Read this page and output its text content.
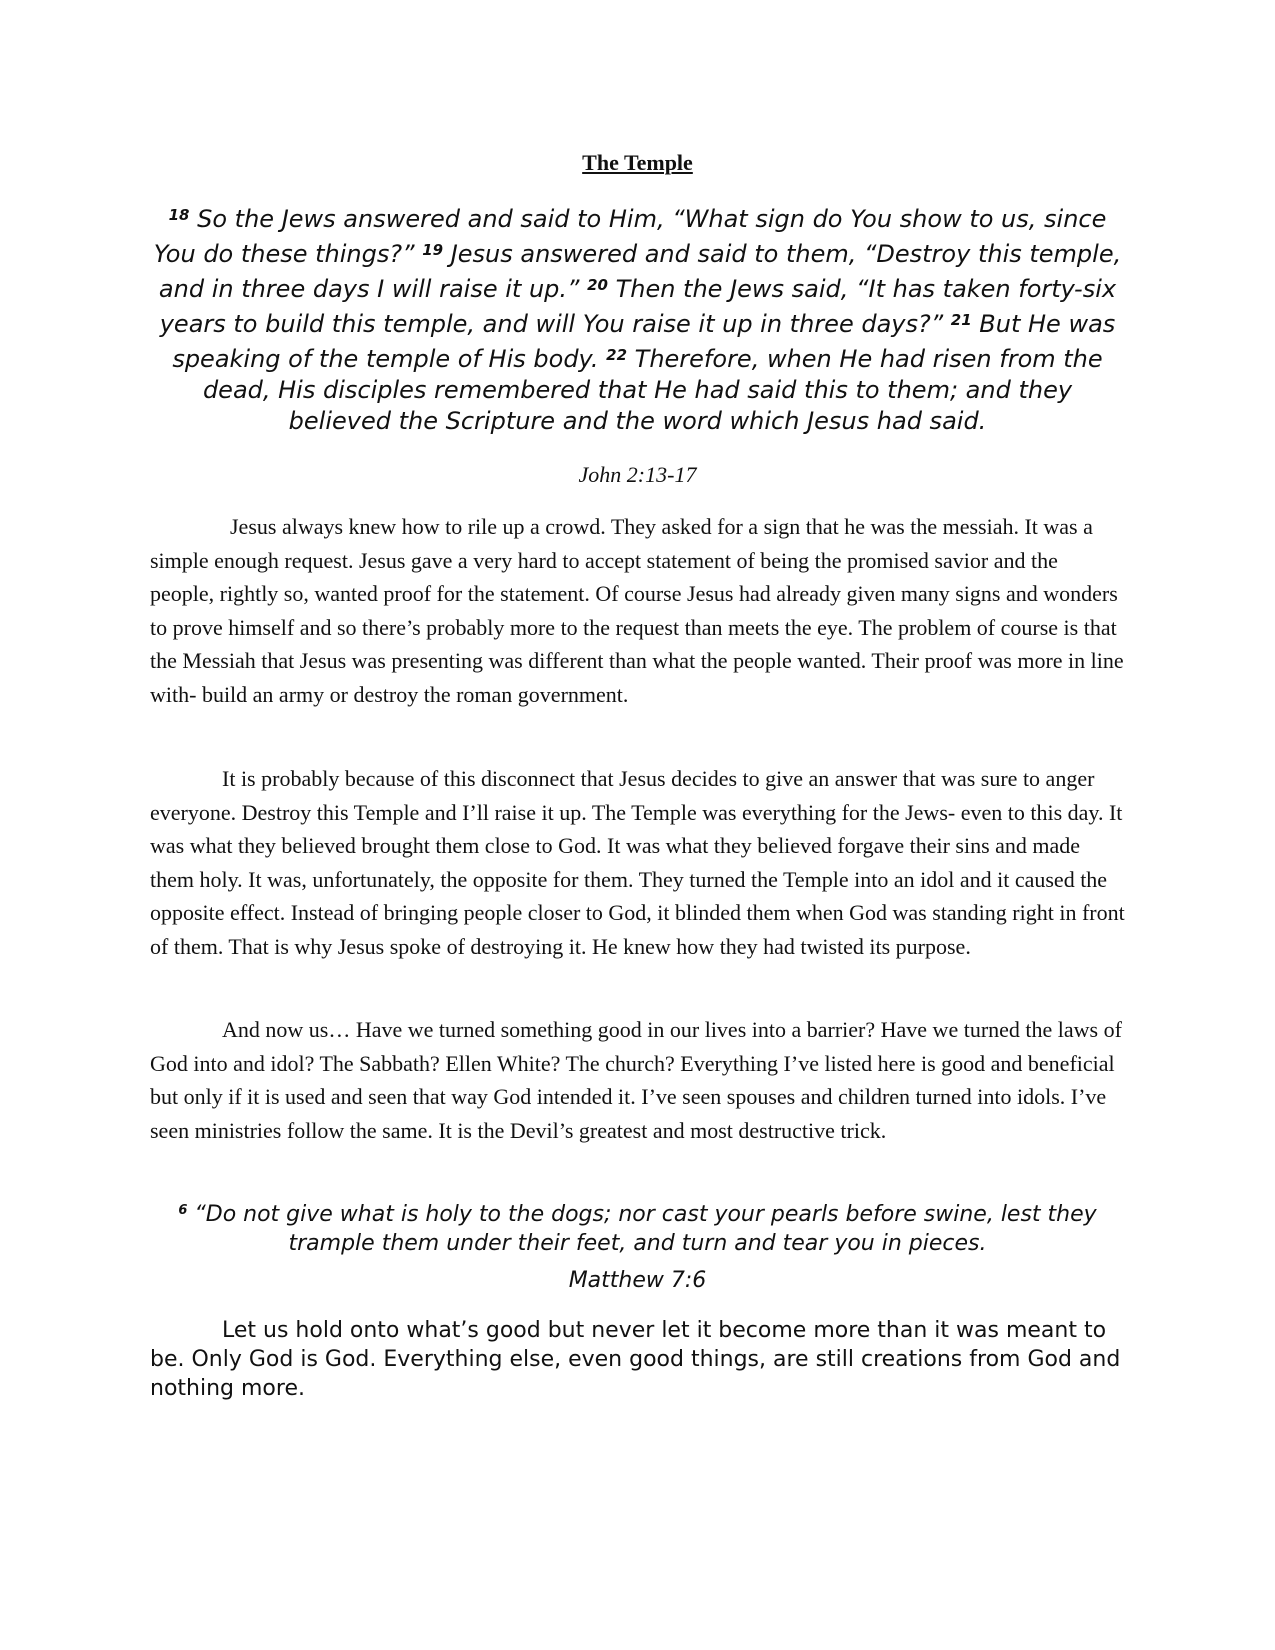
The Temple

$^{18}$ So the Jews answered and said to Him, “What sign do You show to us, since You do these things?” $^{19}$ Jesus answered and said to them, “Destroy this temple, and in three days I will raise it up.” $^{20}$ Then the Jews said, “It has taken forty-six years to build this temple, and will You raise it up in three days?” $^{21}$ But He was speaking of the temple of His body. $^{22}$ Therefore, when He had risen from the dead, His disciples remembered that He had said this to them; and they believed the Scripture and the word which Jesus had said.

John 2:13-17

Jesus always knew how to rile up a crowd. They asked for a sign that he was the messiah. It was a simple enough request. Jesus gave a very hard to accept statement of being the promised savior and the people, rightly so, wanted proof for the statement. Of course Jesus had already given many signs and wonders to prove himself and so there’s probably more to the request than meets the eye. The problem of course is that the Messiah that Jesus was presenting was different than what the people wanted. Their proof was more in line with- build an army or destroy the roman government.

It is probably because of this disconnect that Jesus decides to give an answer that was sure to anger everyone. Destroy this Temple and I’ll raise it up. The Temple was everything for the Jews- even to this day. It was what they believed brought them close to God. It was what they believed forgave their sins and made them holy. It was, unfortunately, the opposite for them. They turned the Temple into an idol and it caused the opposite effect. Instead of bringing people closer to God, it blinded them when God was standing right in front of them. That is why Jesus spoke of destroying it. He knew how they had twisted its purpose.

And now us… Have we turned something good in our lives into a barrier? Have we turned the laws of God into and idol? The Sabbath? Ellen White? The church? Everything I’ve listed here is good and beneficial but only if it is used and seen that way God intended it. I’ve seen spouses and children turned into idols. I’ve seen ministries follow the same. It is the Devil’s greatest and most destructive trick.

$^6$ “Do not give what is holy to the dogs; nor cast your pearls before swine, lest they trample them under their feet, and turn and tear you in pieces.

Matthew 7:6

Let us hold onto what’s good but never let it become more than it was meant to be. Only God is God. Everything else, even good things, are still creations from God and nothing more.
